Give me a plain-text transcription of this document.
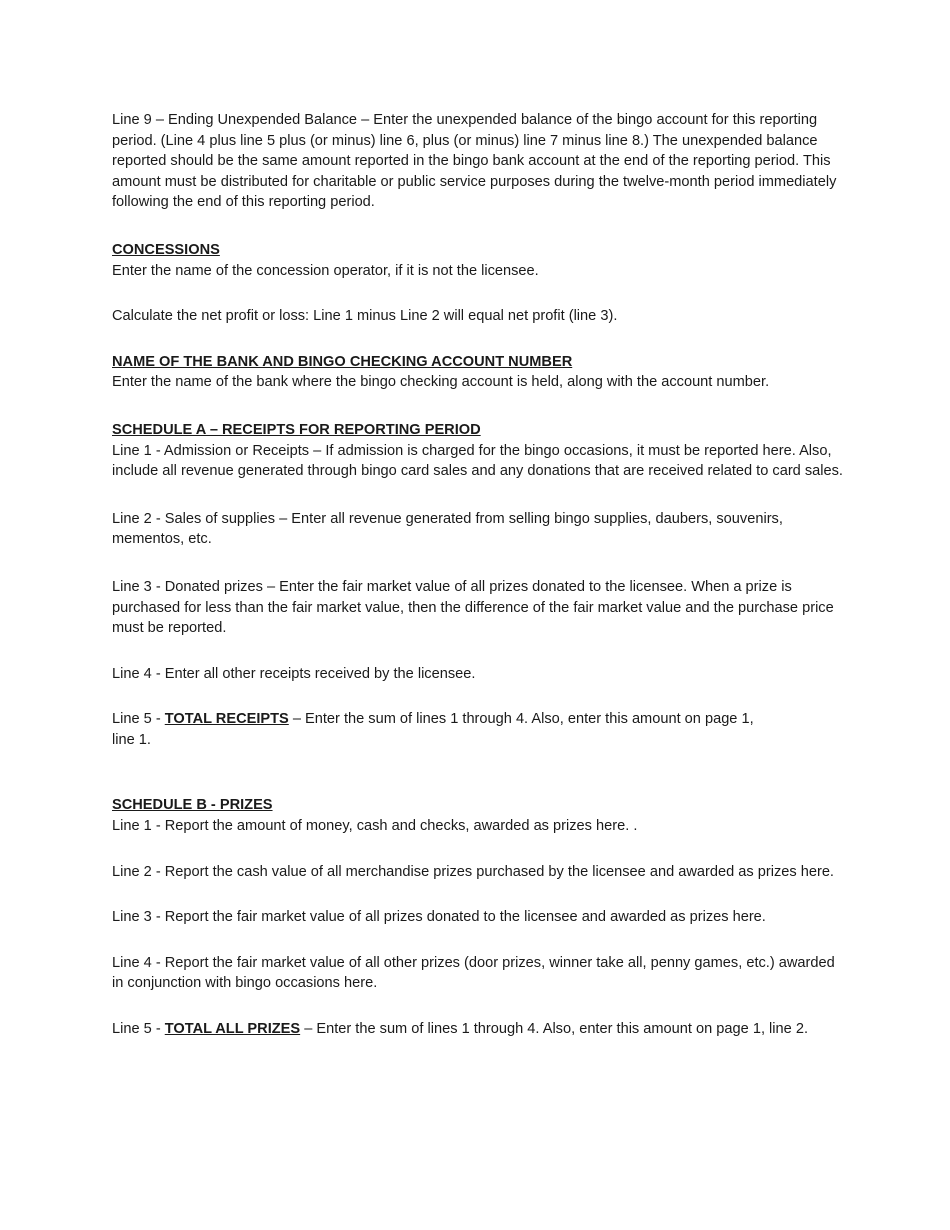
Line 9 – Ending Unexpended Balance – Enter the unexpended balance of the bingo account for this reporting period. (Line 4 plus line 5 plus (or minus) line 6, plus (or minus) line 7 minus line 8.) The unexpended balance reported should be the same amount reported in the bingo bank account at the end of the reporting period. This amount must be distributed for charitable or public service purposes during the twelve-month period immediately following the end of this reporting period.

CONCESSIONS

Enter the name of the concession operator, if it is not the licensee.

Calculate the net profit or loss: Line 1 minus Line 2 will equal net profit (line 3).

NAME OF THE BANK AND BINGO CHECKING ACCOUNT NUMBER

Enter the name of the bank where the bingo checking account is held, along with the account number.

SCHEDULE A – RECEIPTS FOR REPORTING PERIOD

Line 1 - Admission or Receipts – If admission is charged for the bingo occasions, it must be reported here. Also, include all revenue generated through bingo card sales and any donations that are received related to card sales.

Line 2 - Sales of supplies – Enter all revenue generated from selling bingo supplies, daubers, souvenirs, mementos, etc.

Line 3 - Donated prizes – Enter the fair market value of all prizes donated to the licensee. When a prize is purchased for less than the fair market value, then the difference of the fair market value and the purchase price must be reported.

Line 4 - Enter all other receipts received by the licensee.

Line 5 - TOTAL RECEIPTS – Enter the sum of lines 1 through 4. Also, enter this amount on page 1,
line 1.

SCHEDULE B - PRIZES

Line 1 - Report the amount of money, cash and checks, awarded as prizes here. .

Line 2 - Report the cash value of all merchandise prizes purchased by the licensee and awarded as prizes here.

Line 3 - Report the fair market value of all prizes donated to the licensee and awarded as prizes here.

Line 4 - Report the fair market value of all other prizes (door prizes, winner take all, penny games, etc.) awarded in conjunction with bingo occasions here.

Line 5 - TOTAL ALL PRIZES – Enter the sum of lines 1 through 4. Also, enter this amount on page 1, line 2.
